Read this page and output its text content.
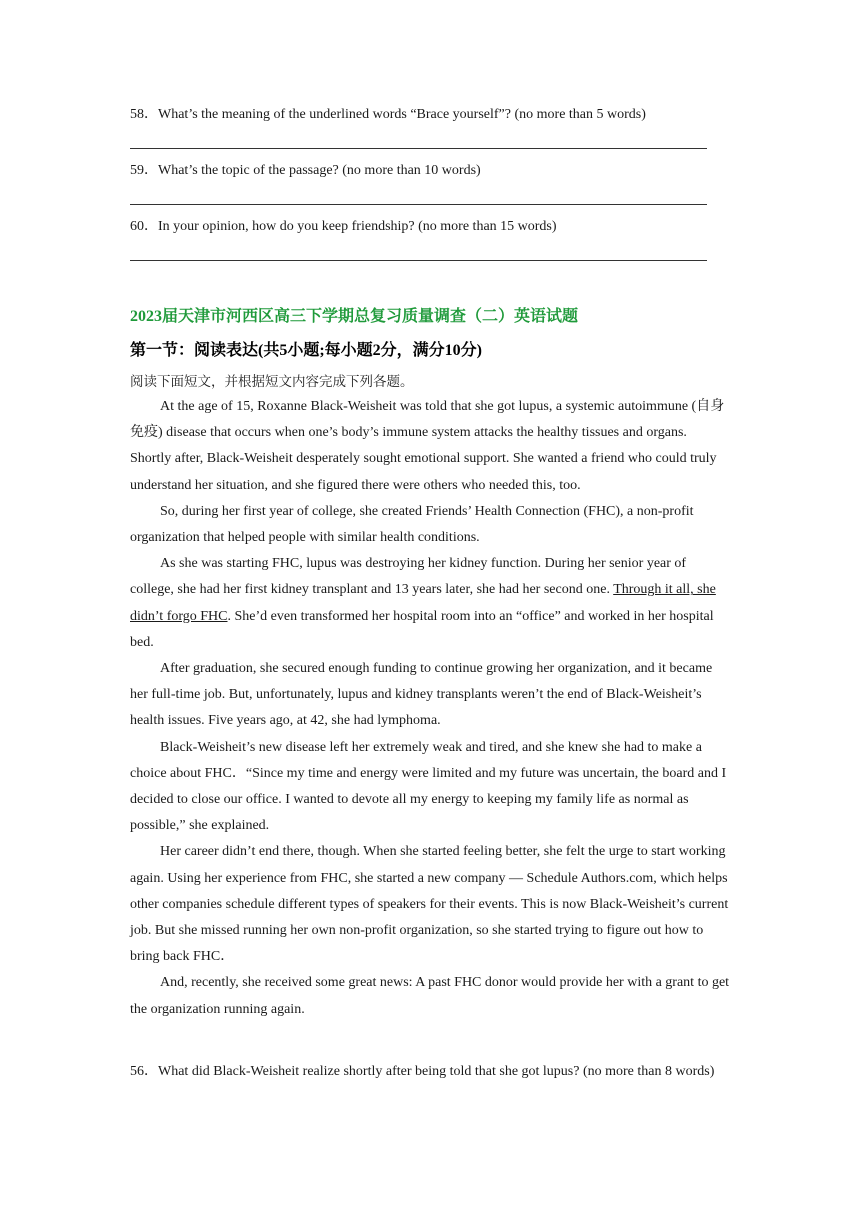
58．What’s the meaning of the underlined words “Brace yourself”? (no more than 5 words)
59．What’s the topic of the passage? (no more than 10 words)
60．In your opinion, how do you keep friendship? (no more than 15 words)
2023届天津市河西区高三下学期总复习质量调查（二）英语试题
第一节：阅读表达(共5小题;每小题2分，满分10分)
阅读下面短文，并根据短文内容完成下列各题。

At the age of 15, Roxanne Black-Weisheit was told that she got lupus, a systemic autoimmune (自身免疫) disease that occurs when one’s body’s immune system attacks the healthy tissues and organs. Shortly after, Black-Weisheit desperately sought emotional support. She wanted a friend who could truly understand her situation, and she figured there were others who needed this, too.

So, during her first year of college, she created Friends’ Health Connection (FHC), a non-profit organization that helped people with similar health conditions.

As she was starting FHC, lupus was destroying her kidney function. During her senior year of college, she had her first kidney transplant and 13 years later, she had her second one. Through it all, she didn’t forgo FHC. She’d even transformed her hospital room into an “office” and worked in her hospital bed.

After graduation, she secured enough funding to continue growing her organization, and it became her full-time job. But, unfortunately, lupus and kidney transplants weren’t the end of Black-Weisheit’s health issues. Five years ago, at 42, she had lymphoma.

Black-Weisheit’s new disease left her extremely weak and tired, and she knew she had to make a choice about FHC．“Since my time and energy were limited and my future was uncertain, the board and I decided to close our office. I wanted to devote all my energy to keeping my family life as normal as possible,” she explained.

Her career didn’t end there, though. When she started feeling better, she felt the urge to start working again. Using her experience from FHC, she started a new company — Schedule Authors.com, which helps other companies schedule different types of speakers for their events. This is now Black-Weisheit’s current job. But she missed running her own non-profit organization, so she started trying to figure out how to bring back FHC．

And, recently, she received some great news: A past FHC donor would provide her with a grant to get the organization running again.

56．What did Black-Weisheit realize shortly after being told that she got lupus? (no more than 8 words)
